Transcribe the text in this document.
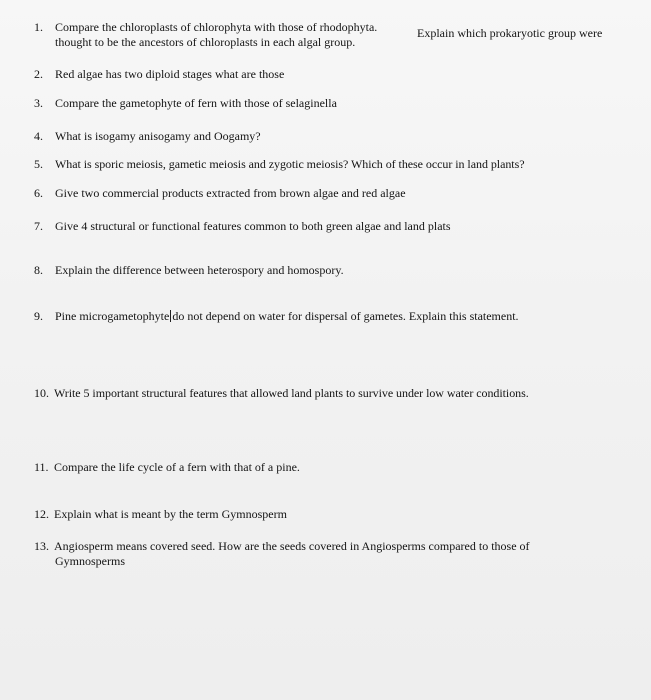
1. Compare the chloroplasts of chlorophyta with those of rhodophyta.	Explain which prokaryotic group were
thought to be the ancestors of chloroplasts in each algal group.
2. Red algae has two diploid stages what are those
3. Compare the gametophyte of fern with those of selaginella
4. What is isogamy anisogamy and Oogamy?
5. What is sporic meiosis, gametic meiosis and zygotic meiosis? Which of these occur in land plants?
6. Give two commercial products extracted from brown algae and red algae
7. Give 4 structural or functional features common to both green algae and land plats
8. Explain the difference between heterospory and homospory.
9. Pine microgametophyte do not depend on water for dispersal of gametes. Explain this statement.
10. Write 5 important structural features that allowed land plants to survive under low water conditions.
11. Compare the life cycle of a fern with that of a pine.
12. Explain what is meant by the term Gymnosperm
13. Angiosperm means covered seed. How are the seeds covered in Angiosperms compared to those of
Gymnosperms
